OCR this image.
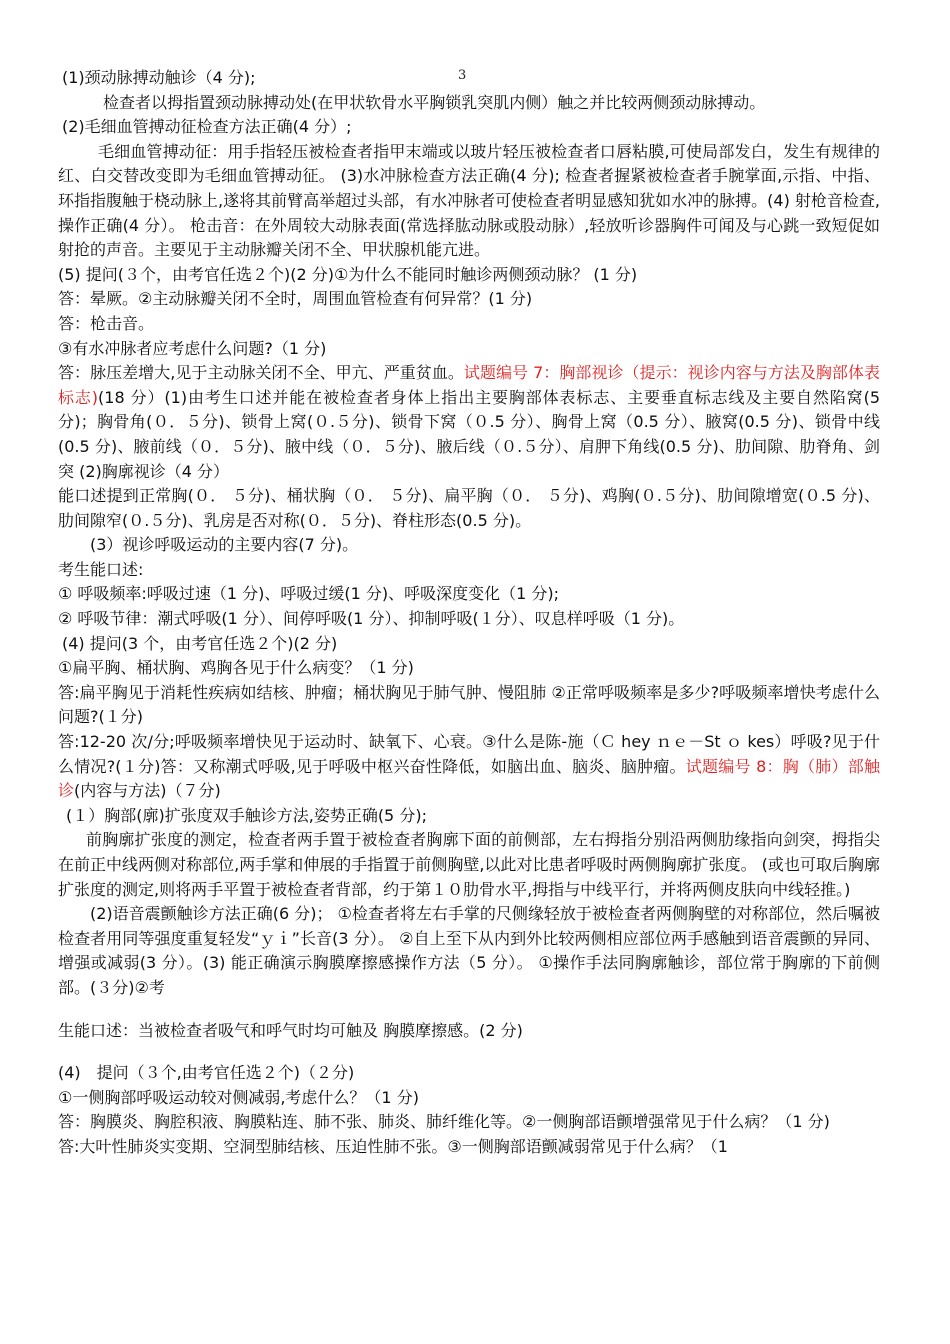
3

(1)颈动脉搏动触诊（4 分);

检查者以拇指置颈动脉搏动处(在甲状软骨水平胸锁乳突肌内侧）触之并比较两侧颈动脉搏动。

(2)毛细血管搏动征检查方法正确(4 分）;

毛细血管搏动征：用手指轻压被检查者指甲末端或以玻片轻压被检查者口唇粘膜,可使局部发白，发生有规律的红、白交替改变即为毛细血管搏动征。 (3)水冲脉检查方法正确(4 分); 检查者握紧被检查者手腕掌面,示指、中指、环指指腹触于桡动脉上,遂将其前臂高举超过头部，有水冲脉者可使检查者明显感知犹如水冲的脉搏。(4) 射枪音检查,操作正确(4 分）。 枪击音：在外周较大动脉表面(常选择肱动脉或股动脉）,轻放听诊器胸件可闻及与心跳一致短促如射抢的声音。主要见于主动脉瓣关闭不全、甲状腺机能亢进。

(5) 提问(３个，由考官任选２个)(2 分)①为什么不能同时触诊两侧颈动脉？ (1 分)

答：晕厥。②主动脉瓣关闭不全时，周围血管检查有何异常？(1 分)

答：枪击音。

③有水冲脉者应考虑什么问题?（1 分)

答：脉压差增大,见于主动脉关闭不全、甲亢、严重贫血。试题编号 7：胸部视诊（提示：视诊内容与方法及胸部体表标志)(18 分）(1)由考生口述并能在被检查者身体上指出主要胸部体表标志、主要垂直标志线及主要自然陷窝(5 分)；胸骨角(０．５分)、锁骨上窝(０.５分)、锁骨下窝（０.5 分）、胸骨上窝（0.5 分）、腋窝(0.5 分)、锁骨中线(0.5 分)、腋前线（０．５分)、腋中线（０．５分)、腋后线（０.５分）、肩胛下角线(0.5 分)、肋间隙、肋脊角、剑突 (2)胸廓视诊（4 分）

能口述提到正常胸(０． ５分)、桶状胸（０． ５分)、扁平胸（０． ５分)、鸡胸(０.５分)、肋间隙增宽(０.5 分)、肋间隙窄(０.５分)、乳房是否对称(０．５分)、脊柱形态(0.5 分)。

(3）视诊呼吸运动的主要内容(7 分)。

考生能口述:

① 呼吸频率:呼吸过速（1 分)、呼吸过缓(1 分)、呼吸深度变化（1 分);

② 呼吸节律：潮式呼吸(1 分）、间停呼吸(1 分）、抑制呼吸(１分）、叹息样呼吸（1 分)。

(4) 提问(3 个，由考官任选２个)(2 分)

①扁平胸、桶状胸、鸡胸各见于什么病变？（1 分)

答:扁平胸见于消耗性疾病如结核、肿瘤；桶状胸见于肺气肿、慢阻肺 ②正常呼吸频率是多少?呼吸频率增快考虑什么问题?(１分)

答:12-20 次/分;呼吸频率增快见于运动时、缺氧下、心衰。③什么是陈-施（Ｃ hey ｎｅ－St ｏ kes）呼吸?见于什么情况?(１分)答：又称潮式呼吸,见于呼吸中枢兴奋性降低，如脑出血、脑炎、脑肿瘤。试题编号 8：胸（肺）部触诊(内容与方法)（７分)

(１）胸部(廓)扩张度双手触诊方法,姿势正确(5 分);

前胸廓扩张度的测定，检查者两手置于被检查者胸廓下面的前侧部，左右拇指分别沿两侧肋缘指向剑突，拇指尖在前正中线两侧对称部位,两手掌和伸展的手指置于前侧胸壁,以此对比患者呼吸时两侧胸廓扩张度。 (或也可取后胸廓扩张度的测定,则将两手平置于被检查者背部，约于第１０肋骨水平,拇指与中线平行，并将两侧皮肤向中线轻推。)

(2)语音震颤触诊方法正确(6 分)； ①检查者将左右手掌的尺侧缘轻放于被检查者两侧胸壁的对称部位，然后嘱被检查者用同等强度重复轻发“ｙｉ”长音(3 分）。 ②自上至下从内到外比较两侧相应部位两手感触到语音震颤的异同、增强或减弱(3 分）。(3) 能正确演示胸膜摩擦感操作方法（5 分）。 ①操作手法同胸廓触诊，部位常于胸廓的下前侧部。(３分)②考

生能口述：当被检查者吸气和呼气时均可触及 胸膜摩擦感。(2 分)

(4)　提问（３个,由考官任选２个)（２分)

①一侧胸部呼吸运动较对侧减弱,考虑什么？（1 分)

答：胸膜炎、胸腔积液、胸膜粘连、肺不张、肺炎、肺纤维化等。②一侧胸部语颤增强常见于什么病？（1 分)

答:大叶性肺炎实变期、空洞型肺结核、压迫性肺不张。③一侧胸部语颤减弱常见于什么病？（1
